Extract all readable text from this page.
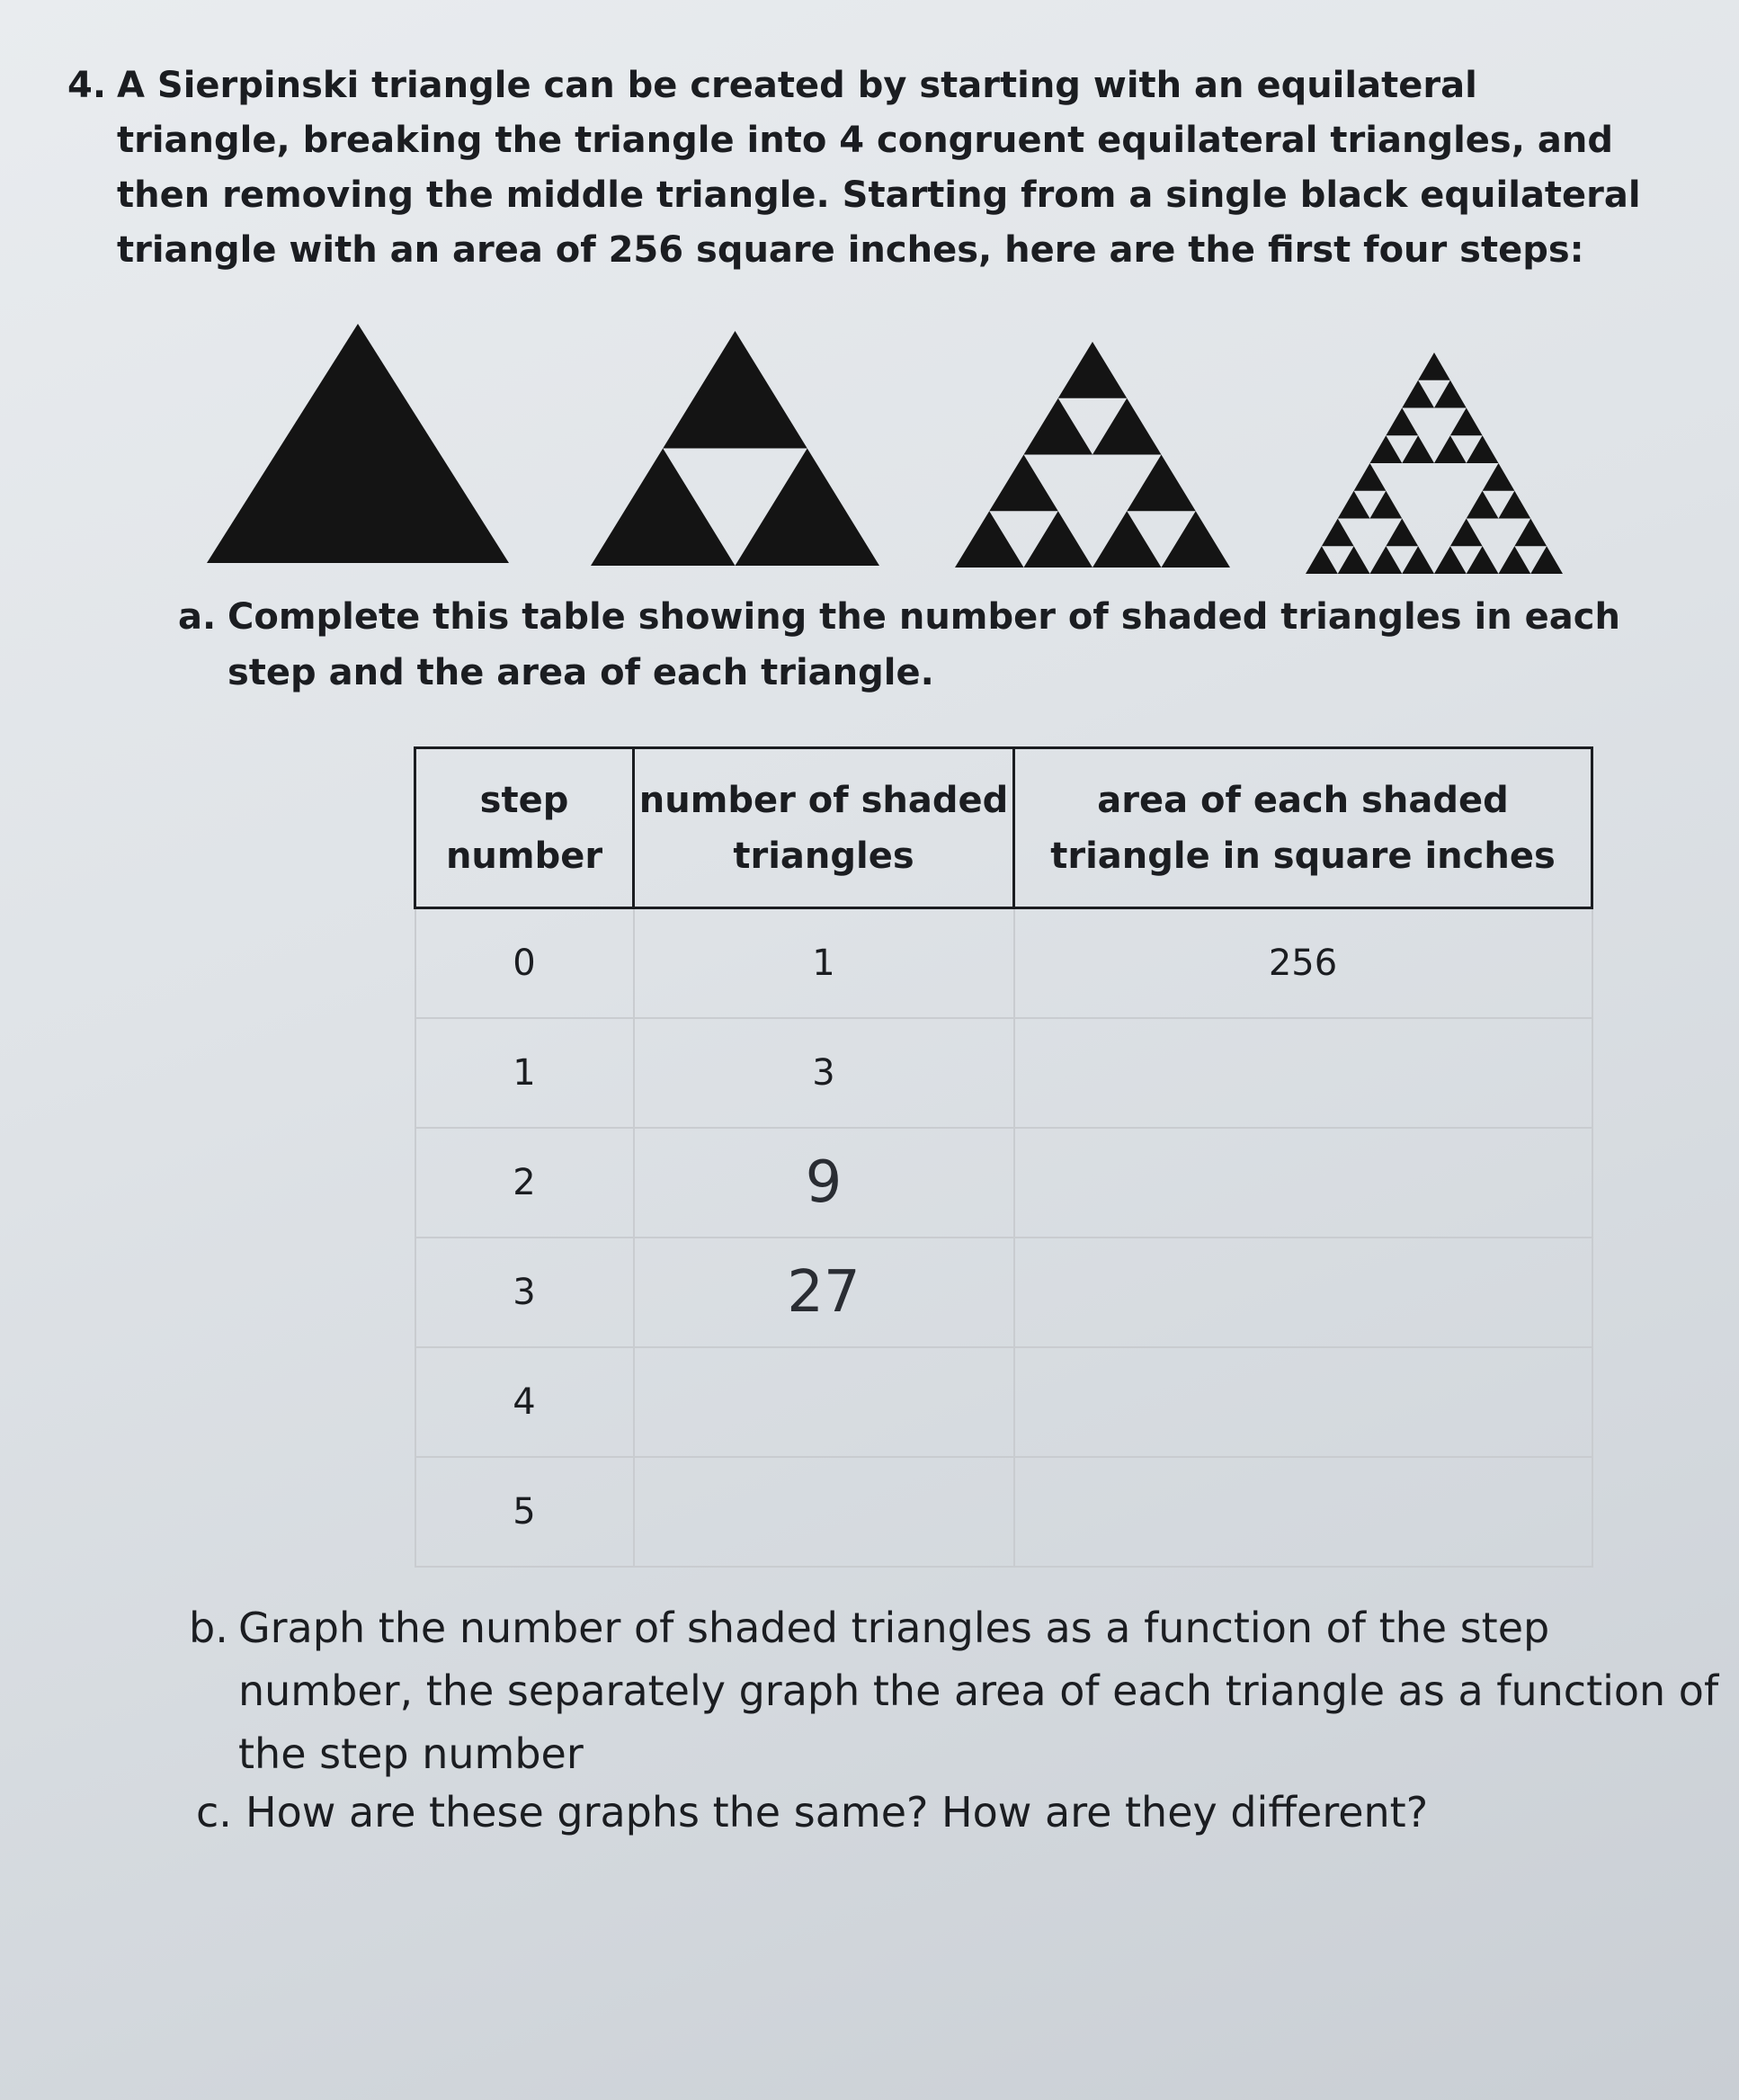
4. A Sierpinski triangle can be created by starting with an equilateral triangle, breaking the triangle into 4 congruent equilateral triangles, and then removing the middle triangle. Starting from a single black equilateral triangle with an area of 256 square inches, here are the first four steps:
a. Complete this table showing the number of shaded triangles in each step and the area of each triangle.
step number	number of shaded triangles	area of each shaded triangle in square inches
0	1	256
1	3	
2	9	
3	27	
4		
5		
b. Graph the number of shaded triangles as a function of the step number, the separately graph the area of each triangle as a function of the step number
c. How are these graphs the same? How are they different?
